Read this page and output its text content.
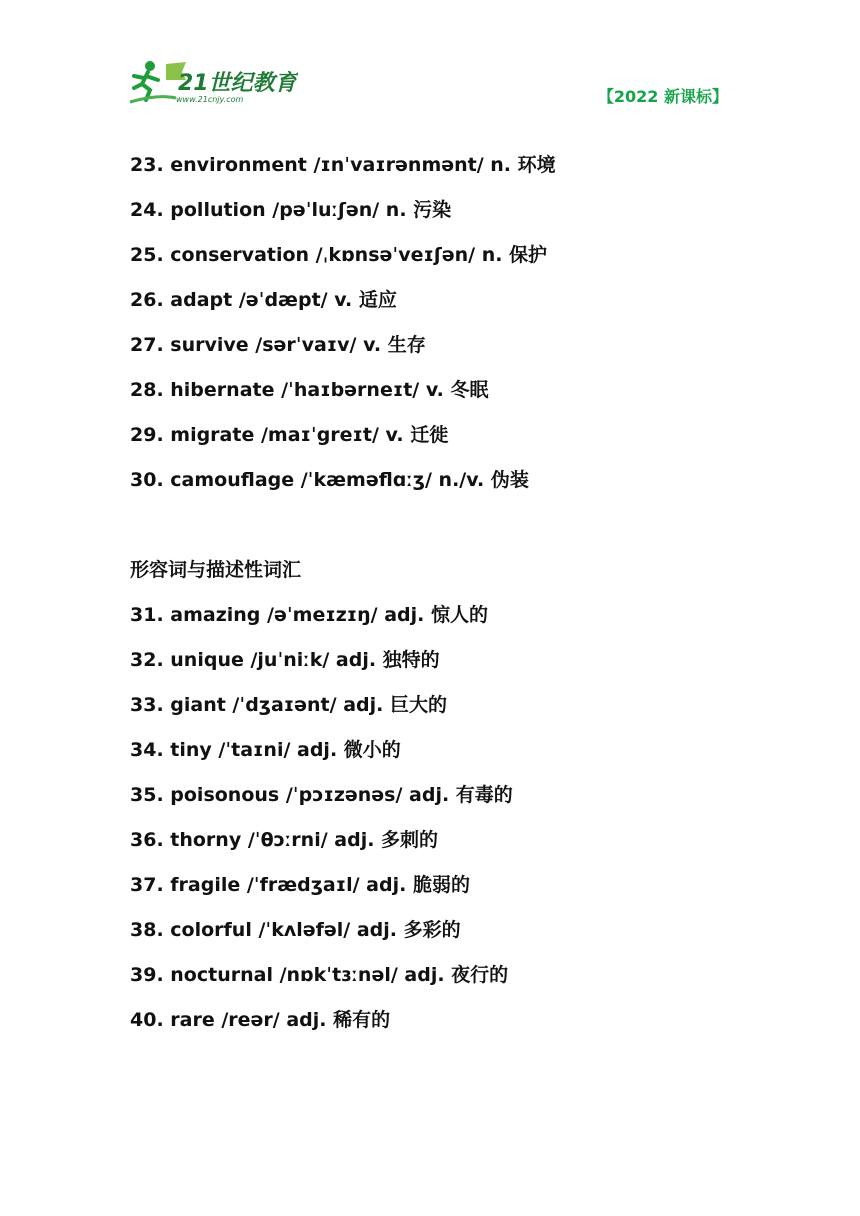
21世纪教育
www.21cnjy.com	【2022 新课标】
23. environment /ɪnˈvaɪrənmənt/ n. 环境
24. pollution /pəˈluːʃən/ n. 污染
25. conservation /ˌkɒnsəˈveɪʃən/ n. 保护
26. adapt /əˈdæpt/ v. 适应
27. survive /sərˈvaɪv/ v. 生存
28. hibernate /ˈhaɪbərneɪt/ v. 冬眠
29. migrate /maɪˈgreɪt/ v. 迁徙
30. camouflage /ˈkæməflɑːʒ/ n./v. 伪装
形容词与描述性词汇
31. amazing /əˈmeɪzɪŋ/ adj. 惊人的
32. unique /juˈniːk/ adj. 独特的
33. giant /ˈdʒaɪənt/ adj. 巨大的
34. tiny /ˈtaɪni/ adj. 微小的
35. poisonous /ˈpɔɪzənəs/ adj. 有毒的
36. thorny /ˈθɔːrni/ adj. 多刺的
37. fragile /ˈfrædʒaɪl/ adj. 脆弱的
38. colorful /ˈkʌləfəl/ adj. 多彩的
39. nocturnal /nɒkˈtɜːnəl/ adj. 夜行的
40. rare /reər/ adj. 稀有的
